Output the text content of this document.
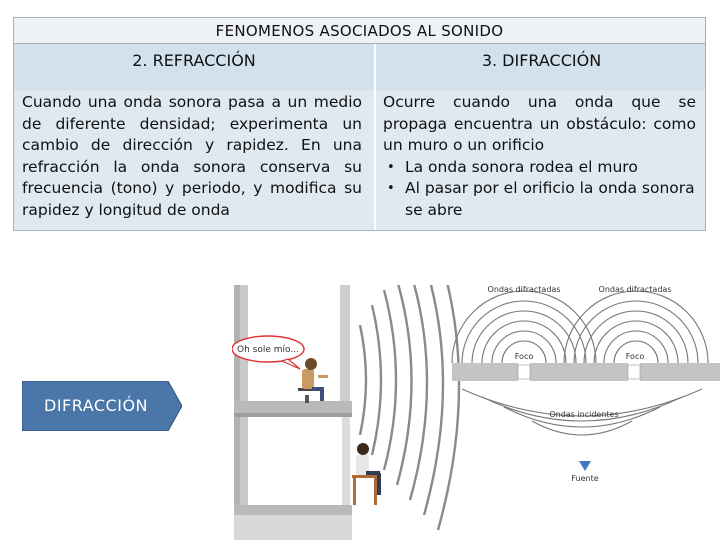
FENOMENOS ASOCIADOS AL SONIDO
2. REFRACCIÓN	3. DIFRACCIÓN
Cuando una onda sonora pasa a un medio de diferente densidad; experimenta un cambio de dirección y rapidez. En una refracción la onda sonora conserva su frecuencia (tono) y periodo, y modifica su rapidez y longitud de onda

Ocurre cuando una onda que se propaga encuentra un obstáculo: como un muro o un orificio

• La onda sonora rodea el muro
• Al pasar por el orificio la onda sonora se abre
DIFRACCIÓN
Oh sole mío...
Ondas difractadas	Ondas difractadas
Foco	Foco
Ondas incidentes
Fuente
